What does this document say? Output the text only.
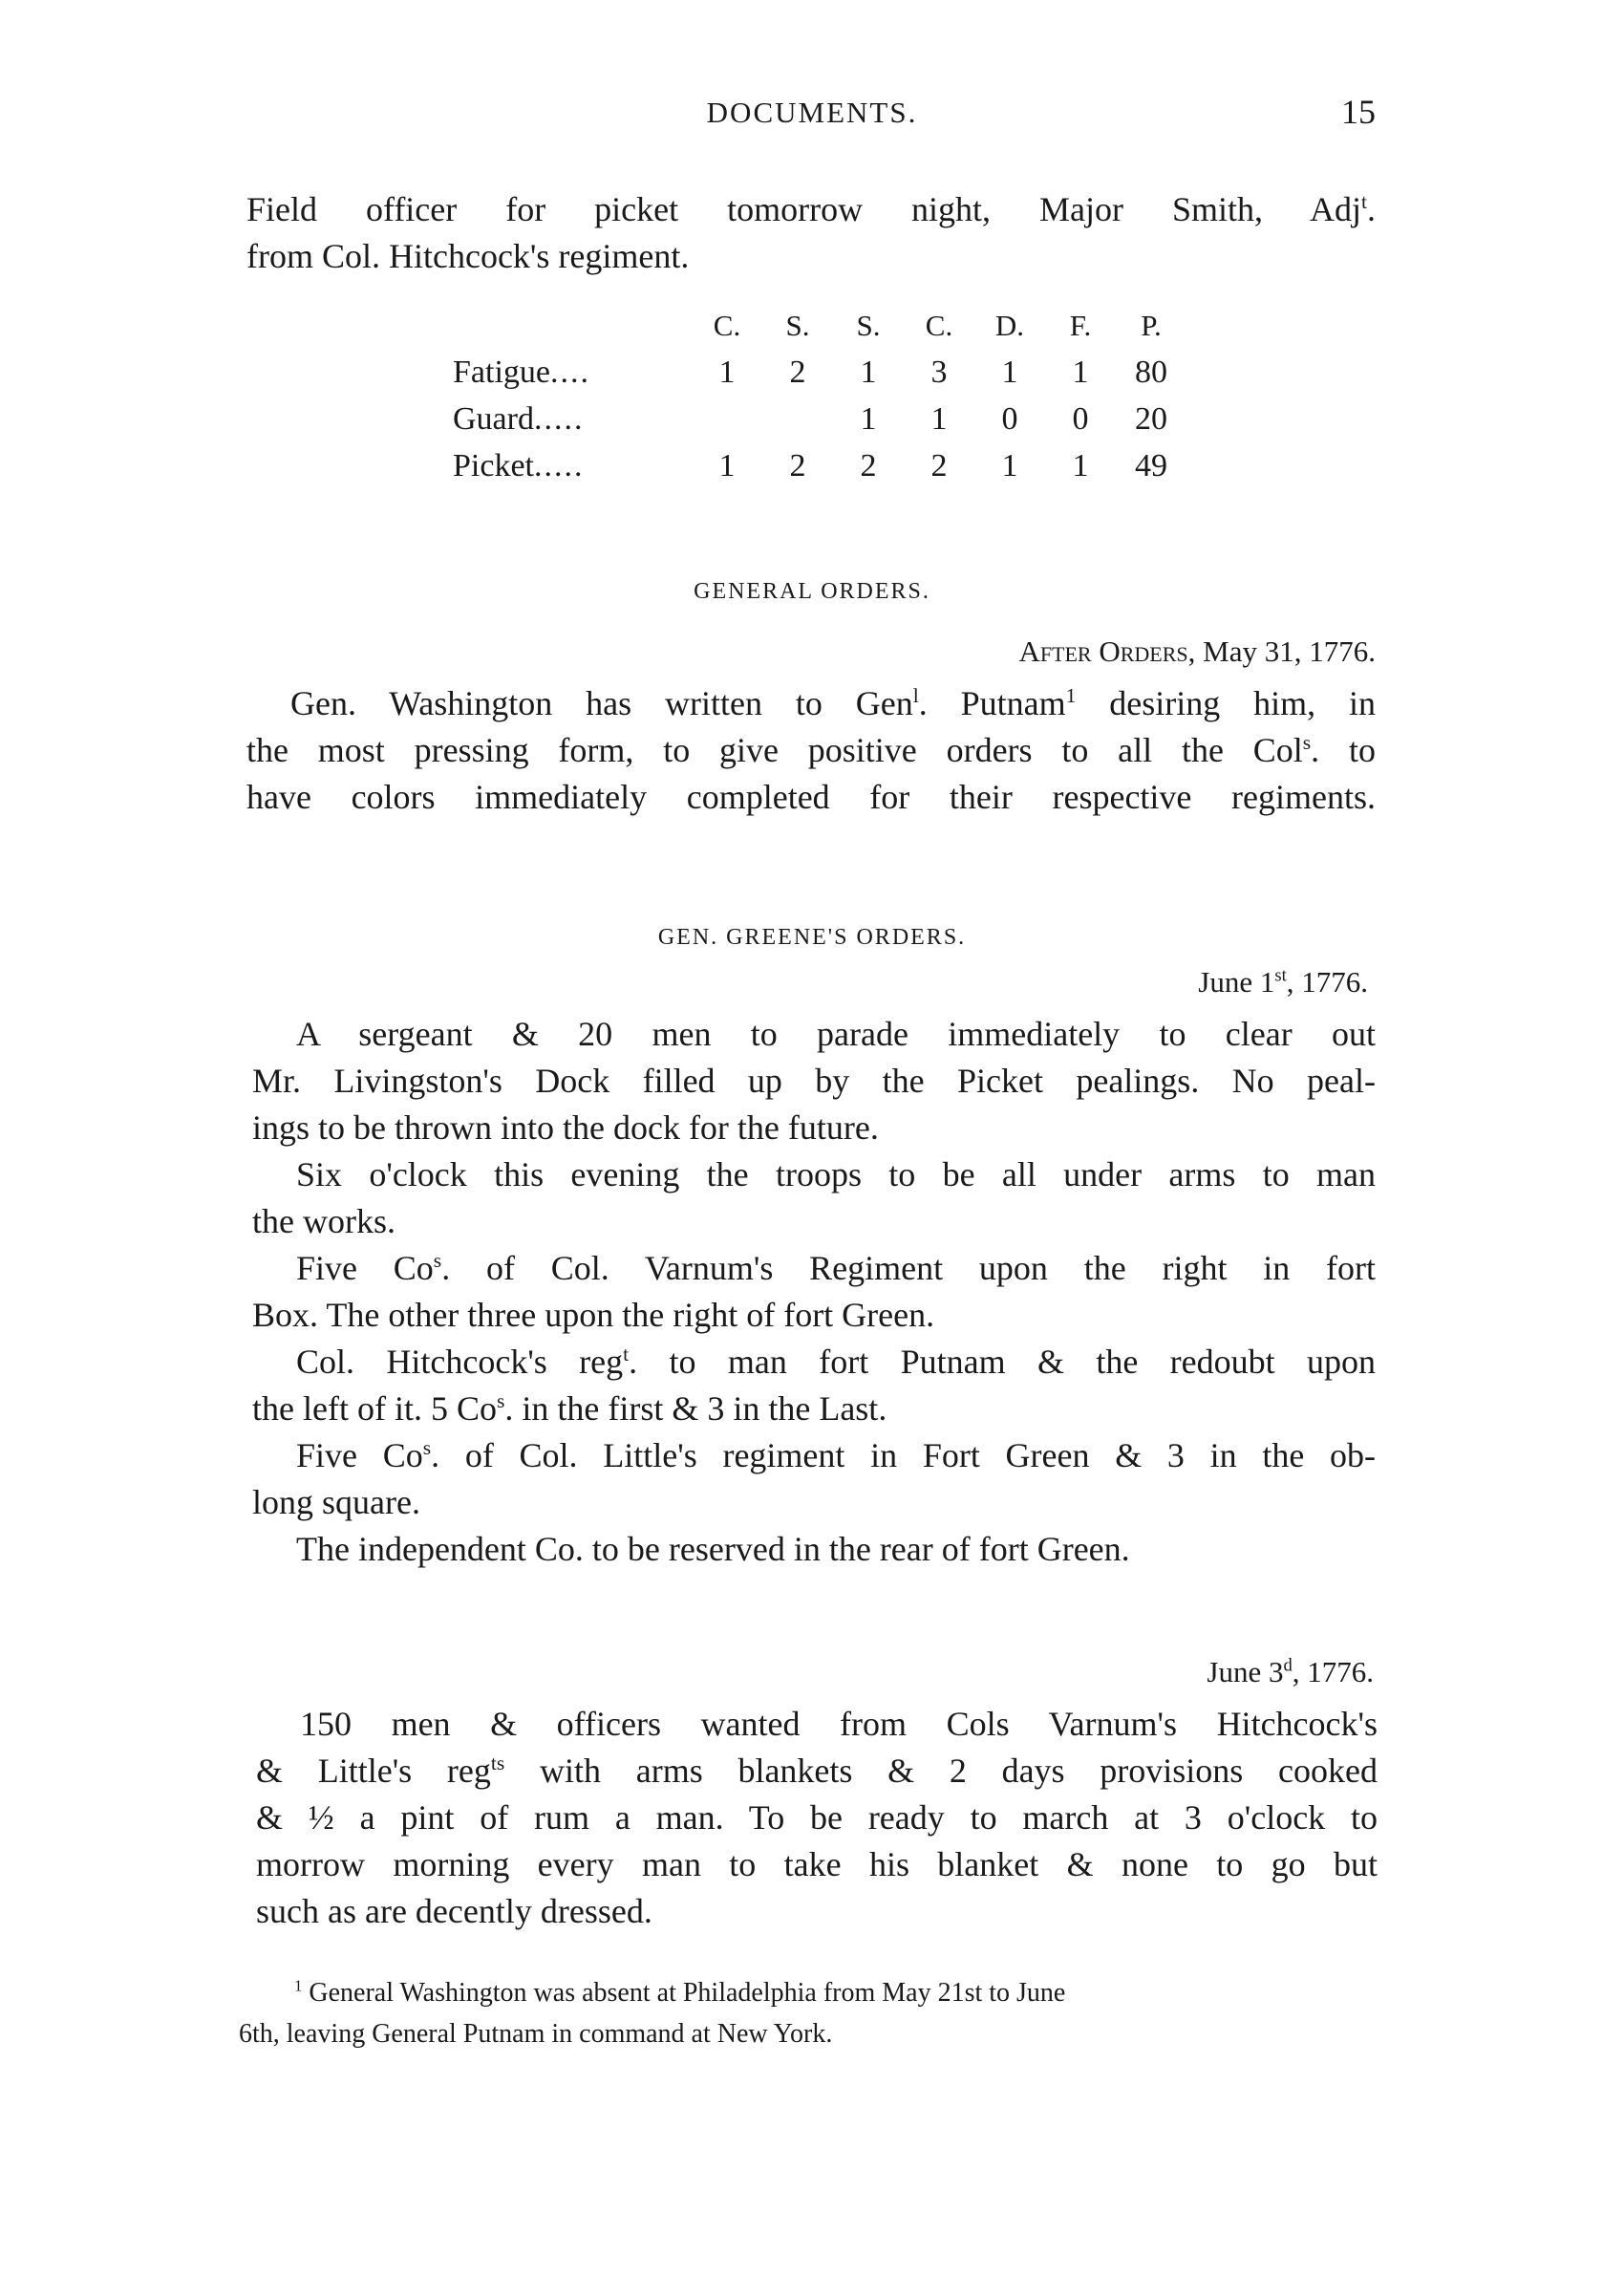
DOCUMENTS.	15
Field officer for picket tomorrow night, Major Smith, Adj$^t$.
from Col. Hitchcock's regiment.
	C.	S.	S.	C.	D.	F.	P.
Fatigue....	1	2	1	3	1	1	80
Guard.....			1	1	0	0	20
Picket.....	1	2	2	2	1	1	49
GENERAL ORDERS.
After Orders, May 31, 1776.
Gen. Washington has written to Gen$^l$. Putnam$^1$ desiring him, in
the most pressing form, to give positive orders to all the Col$^s$. to
have colors immediately completed for their respective regiments.
GEN. GREENE'S ORDERS.
June 1st, 1776.
A sergeant & 20 men to parade immediately to clear out
Mr. Livingston's Dock filled up by the Picket pealings. No peal-
ings to be thrown into the dock for the future.
Six o'clock this evening the troops to be all under arms to man
the works.
Five Co$^s$. of Col. Varnum's Regiment upon the right in fort
Box. The other three upon the right of fort Green.
Col. Hitchcock's reg$^t$. to man fort Putnam & the redoubt upon
the left of it. 5 Co$^s$. in the first & 3 in the Last.
Five Co$^s$. of Col. Little's regiment in Fort Green & 3 in the ob-
long square.
The independent Co. to be reserved in the rear of fort Green.
June 3$^d$, 1776.
150 men & officers wanted from Cols Varnum's Hitchcock's
& Little's reg$^{ts}$ with arms blankets & 2 days provisions cooked
& ½ a pint of rum a man. To be ready to march at 3 o'clock to
morrow morning every man to take his blanket & none to go but
such as are decently dressed.
$^1$ General Washington was absent at Philadelphia from May 21st to June
6th, leaving General Putnam in command at New York.
